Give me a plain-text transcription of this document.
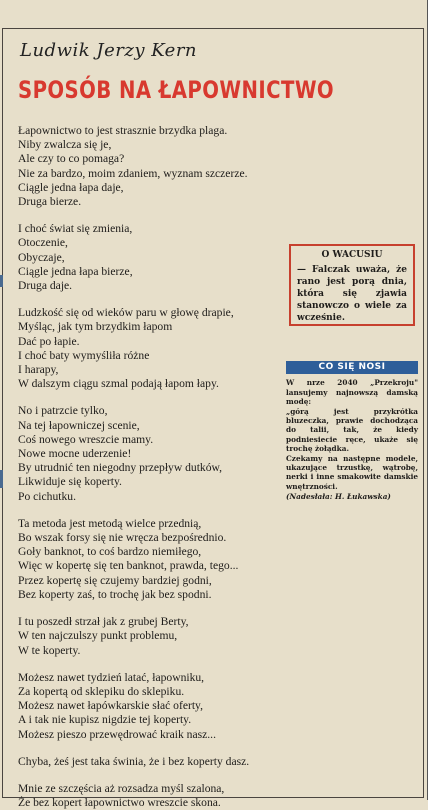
Ludwik Jerzy Kern
SPOSÓB NA ŁAPOWNICTWO
Łapownictwo to jest strasznie brzydka plaga.
Niby zwalcza się je,
Ale czy to co pomaga?
Nie za bardzo, moim zdaniem, wyznam szczerze.
Ciągle jedna łapa daje,
Druga bierze.
I choć świat się zmienia,
Otoczenie,
Obyczaje,
Ciągle jedna łapa bierze,
Druga daje.
Ludzkość się od wieków paru w głowę drapie,
Myśląc, jak tym brzydkim łapom
Dać po łapie.
I choć baty wymyśliła różne
I harapy,
W dalszym ciągu szmal podają łapom łapy.
No i patrzcie tylko,
Na tej łapowniczej scenie,
Coś nowego wreszcie mamy.
Nowe mocne uderzenie!
By utrudnić ten niegodny przepływ dutków,
Likwiduje się koperty.
Po cichutku.
Ta metoda jest metodą wielce przednią,
Bo wszak forsy się nie wręcza bezpośrednio.
Goły banknot, to coś bardzo niemiłego,
Więc w kopertę się ten banknot, prawda, tego...
Przez kopertę się czujemy bardziej godni,
Bez koperty zaś, to trochę jak bez spodni.
I tu poszedł strzał jak z grubej Berty,
W ten najczulszy punkt problemu,
W te koperty.
Możesz nawet tydzień latać, łapowniku,
Za kopertą od sklepiku do sklepiku.
Możesz nawet łapówkarskie słać oferty,
A i tak nie kupisz nigdzie tej koperty.
Możesz pieszo przewędrować kraik nasz...
Chyba, żeś jest taka świnia, że i bez koperty dasz.
Mnie ze szczęścia aż rozsadza myśl szalona,
Że bez kopert łapownictwo wreszcie skona.
O WACUSIU
— Falczak uważa, że rano jest porą dnia, która się zjawia stanowczo o wiele za wcześnie.
CO SIĘ NOSI

W nrze 2040 „Przekroju" lansujemy najnowszą damską modę:

„górą jest przykrótka bluzeczka, prawie dochodząca do talii, tak, że kiedy podniesiecie ręce, ukaże się trochę żołądka.

Czekamy na następne modele, ukazujące trzustkę, wątrobę, nerki i inne smakowite damskie wnętrzności.

(Nadesłała: H. Łukawska)
